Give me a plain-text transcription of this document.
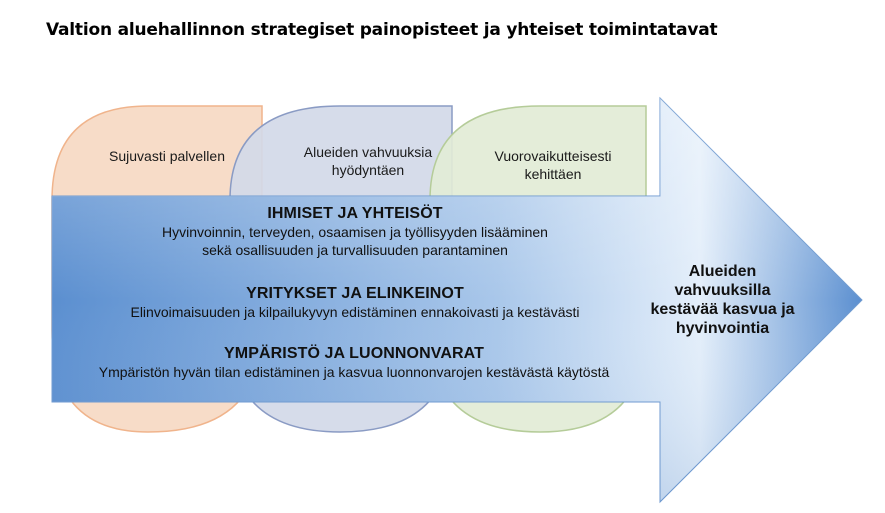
Valtion aluehallinnon strategiset painopisteet ja yhteiset toimintatavat
Sujuvasti palvellen	Alueiden vahvuuksia hyödyntäen
Vuorovaikutteisesti kehittäen
IHMISET JA YHTEISÖT
Hyvinvoinnin, terveyden, osaamisen ja työllisyyden lisääminen
sekä osallisuuden ja turvallisuuden parantaminen
YRITYKSET JA ELINKEINOT
Elinvoimaisuuden ja kilpailukyvyn edistäminen ennakoivasti ja kestävästi
YMPÄRISTÖ JA LUONNONVARAT
Ympäristön hyvän tilan edistäminen ja kasvua luonnonvarojen kestävästä käytöstä
Alueiden vahvuuksilla kestävää kasvua ja hyvinvointia
